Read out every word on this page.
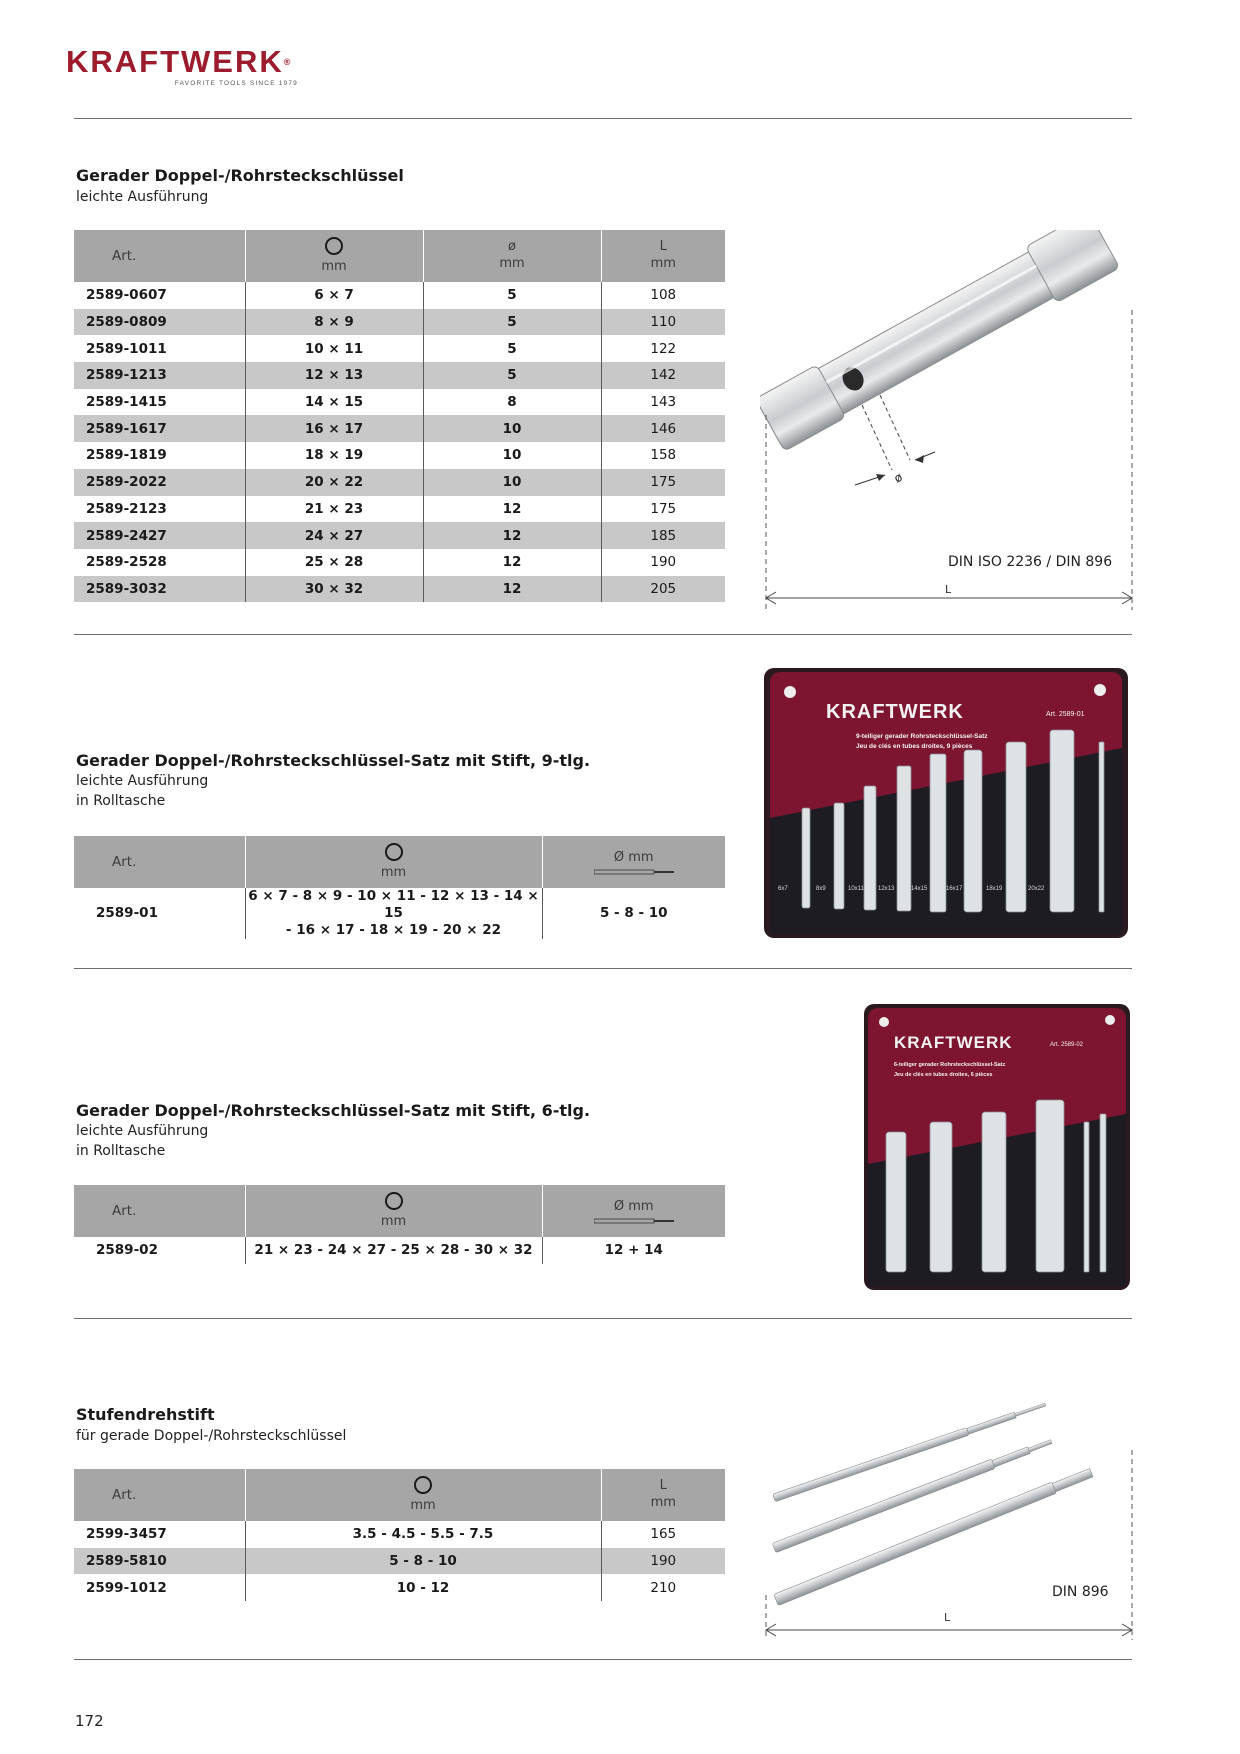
KRAFTWERK®
FAVORITE TOOLS SINCE 1979
Gerader Doppel-/Rohrsteckschlüssel
leichte Ausführung
Art.	mm	ø
mm	L
mm

2589-0607	6 × 7	5	108
2589-0809	8 × 9	5	110
2589-1011	10 × 11	5	122
2589-1213	12 × 13	5	142
2589-1415	14 × 15	8	143
2589-1617	16 × 17	10	146
2589-1819	18 × 19	10	158
2589-2022	20 × 22	10	175
2589-2123	21 × 23	12	175
2589-2427	24 × 27	12	185
2589-2528	25 × 28	12	190
2589-3032	30 × 32	12	205
ø
DIN ISO 2236 / DIN 896
L
Gerader Doppel-/Rohrsteckschlüssel-Satz mit Stift, 9-tlg.
leichte Ausführung
in Rolltasche
Art.	mm	Ø mm

2589-01	6 × 7 - 8 × 9 - 10 × 11 - 12 × 13 - 14 × 15
- 16 × 17 - 18 × 19 - 20 × 22	5 - 8 - 10
KRAFTWERK	Art. 2589-01
9-teiliger gerader Rohrsteckschlüssel-Satz
Jeu de clés en tubes droites, 9 pièces
6x7	8x9	10x11 12x13	14x15	16x17	18x19	20x22
Gerader Doppel-/Rohrsteckschlüssel-Satz mit Stift, 6-tlg.
leichte Ausführung
in Rolltasche
Art.	mm	Ø mm

2589-02	21 × 23 - 24 × 27 - 25 × 28 - 30 × 32	12 + 14
KRAFTWERK	Art. 2589-02
6-teiliger gerader Rohrsteckschlüssel-Satz
Jeu de clés en tubes droites, 6 pièces
Stufendrehstift
für gerade Doppel-/Rohrsteckschlüssel
Art.	mm	L
mm

2599-3457	3.5 - 4.5 - 5.5 - 7.5	165
2589-5810	5 - 8 - 10	190
2599-1012	10 - 12	210	DIN 896
L
172
